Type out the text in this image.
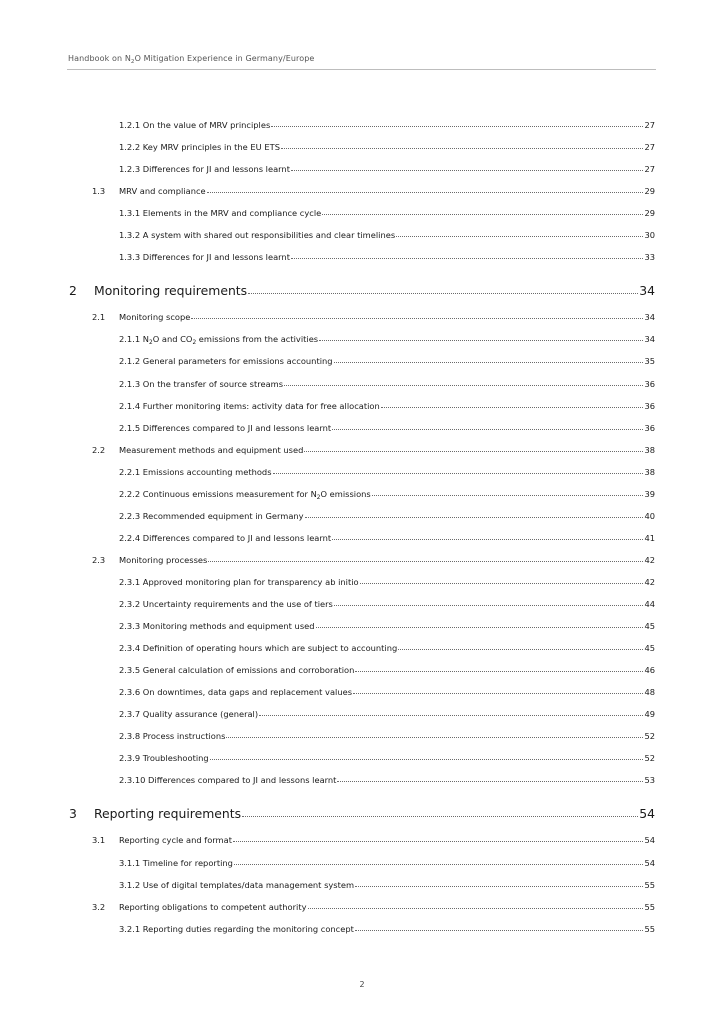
Handbook on $N_2O$ Mitigation Experience in Germany/Europe
1.2.1 On the value of MRV principles	27
1.2.2 Key MRV principles in the EU ETS	27
1.2.3 Differences for JI and lessons learnt	27
1.3	MRV and compliance	29
1.3.1 Elements in the MRV and compliance cycle	29
1.3.2 A system with shared out responsibilities and clear timelines	30
1.3.3 Differences for JI and lessons learnt	33
2	Monitoring requirements	34
2.1	Monitoring scope	34
2.1.1 $N_2O$ and $CO_2$ emissions from the activities	34
2.1.2 General parameters for emissions accounting	35
2.1.3 On the transfer of source streams	36
2.1.4 Further monitoring items: activity data for free allocation	36
2.1.5 Differences compared to JI and lessons learnt	36
2.2	Measurement methods and equipment used	38
2.2.1 Emissions accounting methods	38
2.2.2 Continuous emissions measurement for $N_2O$ emissions	39
2.2.3 Recommended equipment in Germany	40
2.2.4 Differences compared to JI and lessons learnt	41
2.3	Monitoring processes	42
2.3.1 Approved monitoring plan for transparency ab initio	42
2.3.2 Uncertainty requirements and the use of tiers	44
2.3.3 Monitoring methods and equipment used	45
2.3.4 Definition of operating hours which are subject to accounting	45
2.3.5 General calculation of emissions and corroboration	46
2.3.6 On downtimes, data gaps and replacement values	48
2.3.7 Quality assurance (general)	49
2.3.8 Process instructions	52
2.3.9 Troubleshooting	52
2.3.10 Differences compared to JI and lessons learnt	53
3	Reporting requirements	54
3.1	Reporting cycle and format	54
3.1.1 Timeline for reporting	54
3.1.2 Use of digital templates/data management system	55
3.2	Reporting obligations to competent authority	55
3.2.1 Reporting duties regarding the monitoring concept	55
2
